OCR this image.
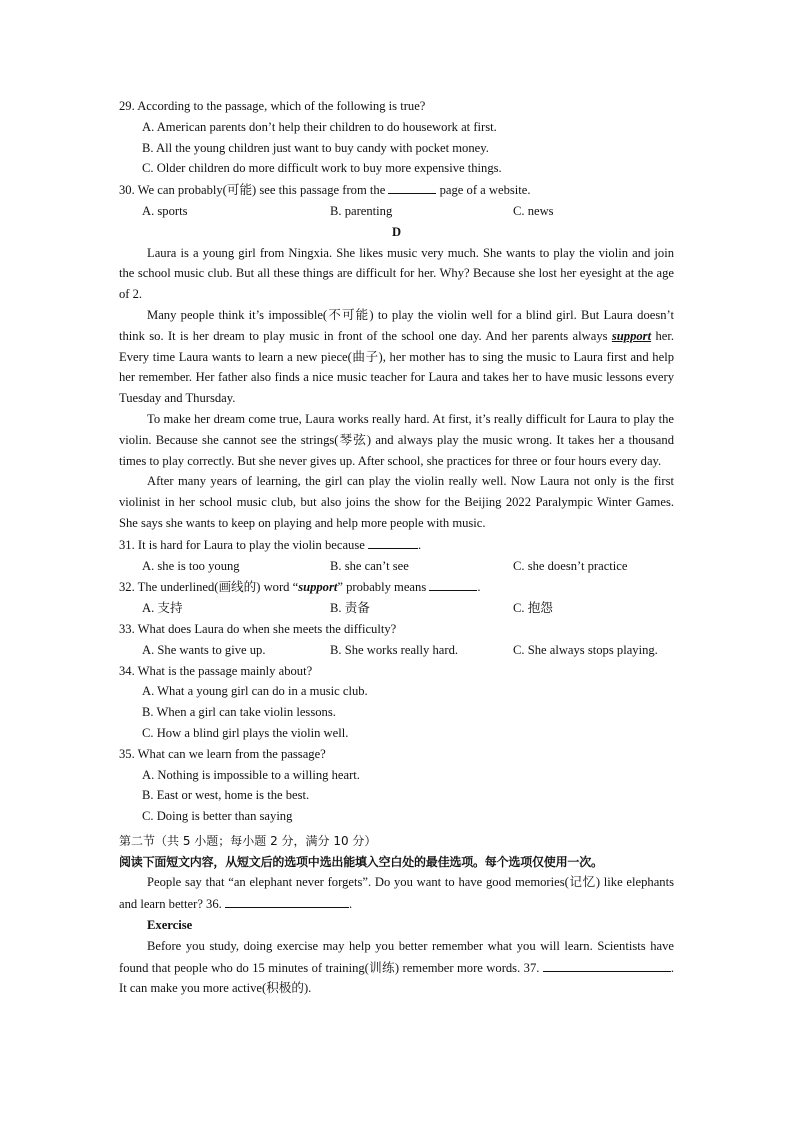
29. According to the passage, which of the following is true?

A. American parents don’t help their children to do housework at first.

B. All the young children just want to buy candy with pocket money.

C. Older children do more difficult work to buy more expensive things.

30. We can probably(可能) see this passage from the	page of a website.

A. sports	B. parenting	C. news

D

Laura is a young girl from Ningxia. She likes music very much. She wants to play the violin and join the school music club. But all these things are difficult for her. Why? Because she lost her eyesight at the age of 2.

Many people think it’s impossible(不可能) to play the violin well for a blind girl. But Laura doesn’t think so. It is her dream to play music in front of the school one day. And her parents always support her. Every time Laura wants to learn a new piece(曲子), her mother has to sing the music to Laura first and help her remember. Her father also finds a nice music teacher for Laura and takes her to have music lessons every Tuesday and Thursday.

To make her dream come true, Laura works really hard. At first, it’s really difficult for Laura to play the violin. Because she cannot see the strings(琴弦) and always play the music wrong. It takes her a thousand times to play correctly. But she never gives up. After school, she practices for three or four hours every day.

After many years of learning, the girl can play the violin really well. Now Laura not only is the first violinist in her school music club, but also joins the show for the Beijing 2022 Paralympic Winter Games. She says she wants to keep on playing and help more people with music.

31. It is hard for Laura to play the violin because	.

A. she is too young	B. she can’t see	C. she doesn’t practice

32. The underlined(画线的) word “support” probably means	.

A. 支持	B. 责备	C. 抱怨

33. What does Laura do when she meets the difficulty?

A. She wants to give up.	B. She works really hard.	C. She always stops playing.

34. What is the passage mainly about?

A. What a young girl can do in a music club.

B. When a girl can take violin lessons.

C. How a blind girl plays the violin well.

35. What can we learn from the passage?

A. Nothing is impossible to a willing heart.

B. East or west, home is the best.

C. Doing is better than saying

第二节（共 5 小题；每小题 2 分，满分 10 分）

阅读下面短文内容，从短文后的选项中选出能填入空白处的最佳选项。每个选项仅使用一次。

People say that “an elephant never forgets”. Do you want to have good memories(记忆) like elephants and learn better? 36.	.

Exercise

Before you study, doing exercise may help you better remember what you will learn. Scientists have found that people who do 15 minutes of training(训练) remember more words. 37.	. It can make you more active(积极的).
